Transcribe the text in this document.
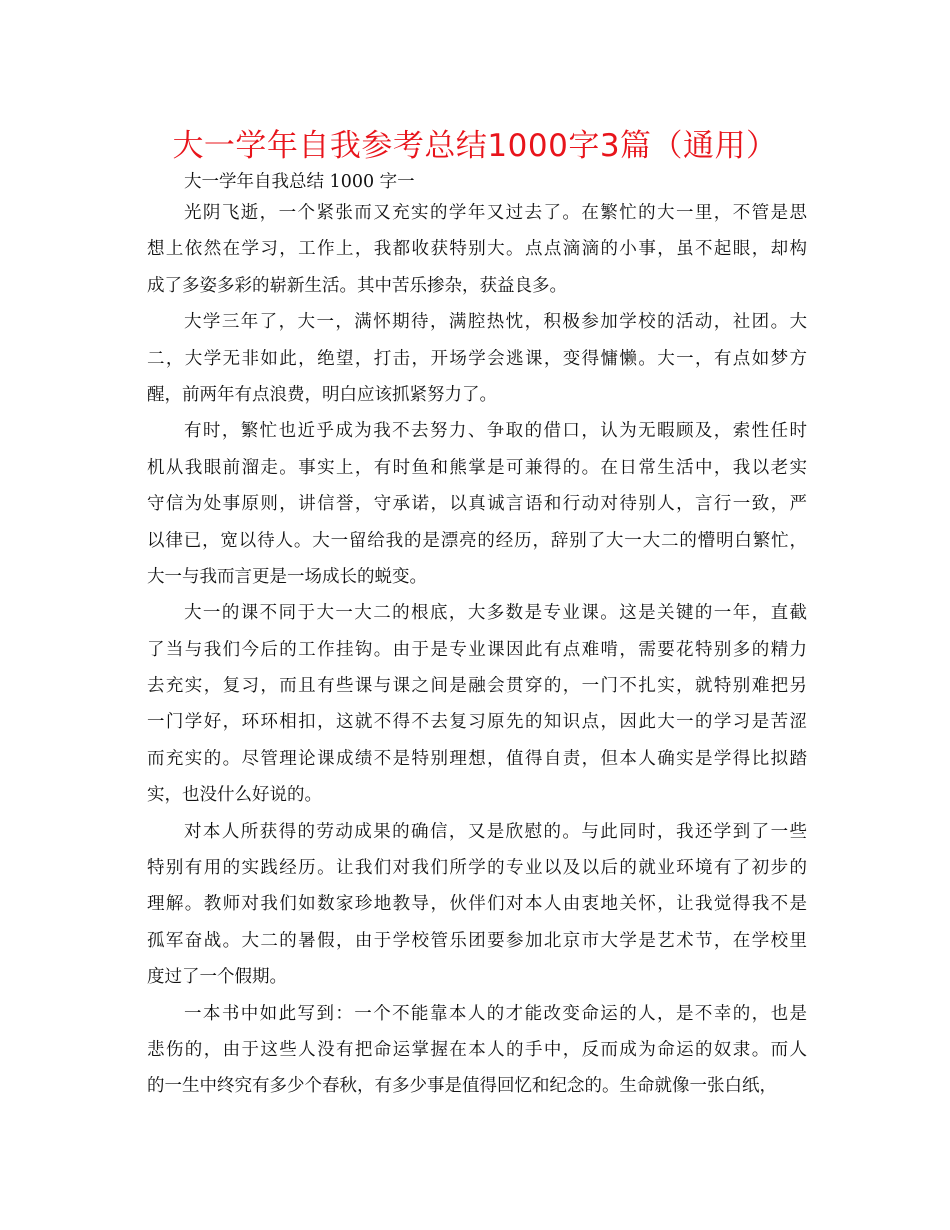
大一学年自我参考总结1000字3篇（通用）
大一学年自我总结 1000 字一
光阴飞逝，一个紧张而又充实的学年又过去了。在繁忙的大一里，不管是思
想上依然在学习，工作上，我都收获特别大。点点滴滴的小事，虽不起眼，却构
成了多姿多彩的崭新生活。其中苦乐掺杂，获益良多。
大学三年了，大一，满怀期待，满腔热忱，积极参加学校的活动，社团。大
二，大学无非如此，绝望，打击，开场学会逃课，变得慵懒。大一，有点如梦方
醒，前两年有点浪费，明白应该抓紧努力了。
有时，繁忙也近乎成为我不去努力、争取的借口，认为无暇顾及，索性任时
机从我眼前溜走。事实上，有时鱼和熊掌是可兼得的。在日常生活中，我以老实
守信为处事原则，讲信誉，守承诺，以真诚言语和行动对待别人，言行一致，严
以律已，宽以待人。大一留给我的是漂亮的经历，辞别了大一大二的懵明白繁忙，
大一与我而言更是一场成长的蜕变。
大一的课不同于大一大二的根底，大多数是专业课。这是关键的一年，直截
了当与我们今后的工作挂钩。由于是专业课因此有点难啃，需要花特别多的精力
去充实，复习，而且有些课与课之间是融会贯穿的，一门不扎实，就特别难把另
一门学好，环环相扣，这就不得不去复习原先的知识点，因此大一的学习是苦涩
而充实的。尽管理论课成绩不是特别理想，值得自责，但本人确实是学得比拟踏
实，也没什么好说的。
对本人所获得的劳动成果的确信，又是欣慰的。与此同时，我还学到了一些
特别有用的实践经历。让我们对我们所学的专业以及以后的就业环境有了初步的
理解。教师对我们如数家珍地教导，伙伴们对本人由衷地关怀，让我觉得我不是
孤军奋战。大二的暑假，由于学校管乐团要参加北京市大学是艺术节，在学校里
度过了一个假期。
一本书中如此写到：一个不能靠本人的才能改变命运的人，是不幸的，也是
悲伤的，由于这些人没有把命运掌握在本人的手中，反而成为命运的奴隶。而人
的一生中终究有多少个春秋，有多少事是值得回忆和纪念的。生命就像一张白纸，
